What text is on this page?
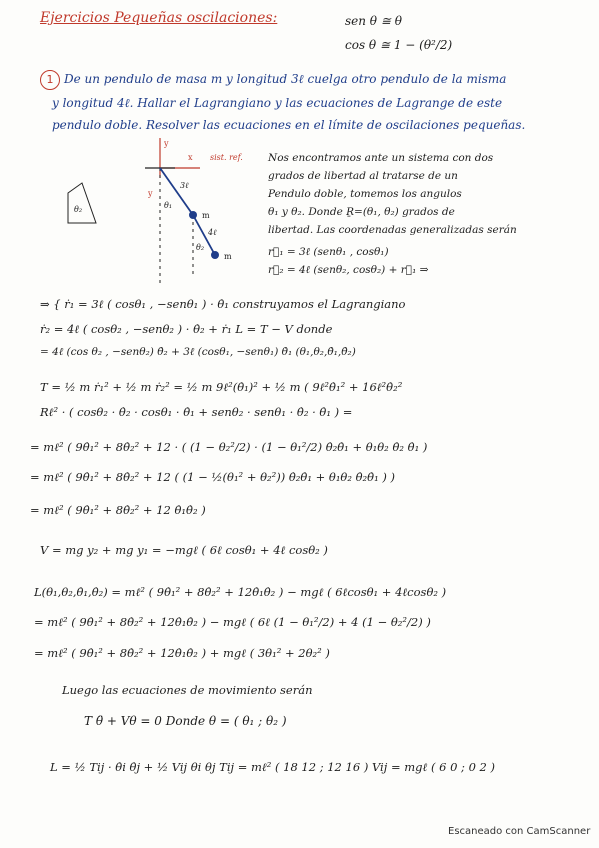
Ejercicios Pequeñas oscilaciones:	sen θ ≅ θ
cos θ ≅ 1 − (θ²/2)
1 De un pendulo de masa m y longitud 3ℓ cuelga otro pendulo de la misma
y longitud 4ℓ. Hallar el Lagrangiano y las ecuaciones de Lagrange de este
pendulo doble. Resolver las ecuaciones en el límite de oscilaciones pequeñas.
θ₂
y
x sist. ref.
m
m
3ℓ
4ℓ
θ₁
θ₂
y
Nos encontramos ante un sistema con dos
grados de libertad al tratarse de un
Pendulo doble, tomemos los angulos
θ₁ y θ₂. Donde Ṟ=(θ₁, θ₂) grados de
libertad. Las coordenadas generalizadas serán
r⃗₁ = 3ℓ (senθ₁ , cosθ₁)
r⃗₂ = 4ℓ (senθ₂, cosθ₂) + r⃗₁ ⇒
⇒ { ṙ₁ = 3ℓ ( cosθ₁ , −senθ₁ ) · θ̇₁ construyamos el Lagrangiano
ṙ₂ = 4ℓ ( cosθ₂ , −senθ₂ ) · θ̇₂ + ṙ₁ L = T − V donde
= 4ℓ (cos θ₂ , −senθ₂) θ̇₂ + 3ℓ (cosθ₁, −senθ₁) θ̇₁ (θ₁,θ₂,θ̇₁,θ̇₂)
T = ½ m ṙ₁² + ½ m ṙ₂² = ½ m 9ℓ²(θ̇₁)² + ½ m ( 9ℓ²θ̇₁² + 16ℓ²θ̇₂²
Rℓ² · ( cosθ₂ · θ̇₂ · cosθ₁ · θ̇₁ + senθ₂ · senθ₁ · θ̇₂ · θ̇₁ ) =
= mℓ² ( 9θ̇₁² + 8θ̇₂² + 12 · ( (1 − θ₂²/2) · (1 − θ₁²/2) θ̇₂θ̇₁ + θ₁θ₂ θ̇₂ θ̇₁ )
= mℓ² ( 9θ̇₁² + 8θ̇₂² + 12 ( (1 − ½(θ₁² + θ₂²)) θ̇₂θ̇₁ + θ₁θ₂ θ̇₂θ̇₁ ) )
= mℓ² ( 9θ̇₁² + 8θ̇₂² + 12 θ̇₁θ̇₂ )
V = mg y₂ + mg y₁ = −mgℓ ( 6ℓ cosθ₁ + 4ℓ cosθ₂ )
L(θ₁,θ₂,θ̇₁,θ̇₂) = mℓ² ( 9θ̇₁² + 8θ̇₂² + 12θ̇₁θ̇₂ ) − mgℓ ( 6ℓcosθ₁ + 4ℓcosθ₂ )
= mℓ² ( 9θ̇₁² + 8θ̇₂² + 12θ̇₁θ̇₂ ) − mgℓ ( 6ℓ (1 − θ₁²/2) + 4 (1 − θ₂²/2) )
= mℓ² ( 9θ̇₁² + 8θ̇₂² + 12θ̇₁θ̇₂ ) + mgℓ ( 3θ₁² + 2θ₂² )
Luego las ecuaciones de movimiento serán
T θ̈ + Vθ = 0 Donde θ = ( θ₁ ; θ₂ )
L = ½ Tij · θ̇i θ̇j + ½ Vij θi θj Tij = mℓ² ( 18 12 ; 12 16 ) Vij = mgℓ ( 6 0 ; 0 2 )
Escaneado con CamScanner
